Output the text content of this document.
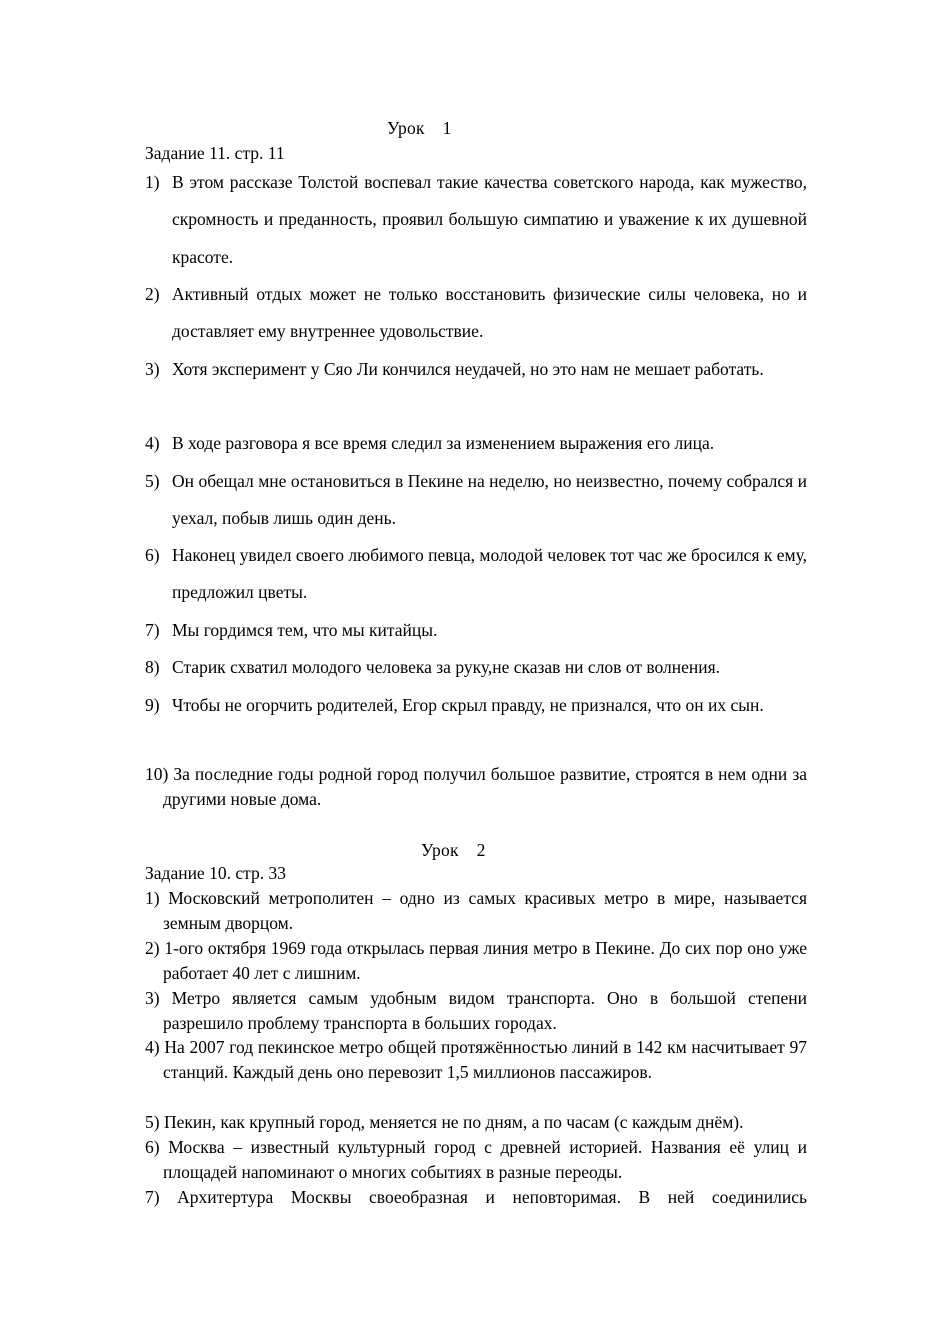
Урок 1
Задание 11. стр. 11
1) В этом рассказе Толстой воспевал такие качества советского народа, как мужество, скромность и преданность, проявил большую симпатию и уважение к их душевной красоте.
2) Активный отдых может не только восстановить физические силы человека, но и доставляет ему внутреннее удовольствие.
3) Хотя эксперимент у Сяо Ли кончился неудачей, но это нам не мешает работать.
4) В ходе разговора я все время следил за изменением выражения его лица.
5) Он обещал мне остановиться в Пекине на неделю, но неизвестно, почему собрался и уехал, побыв лишь один день.
6) Наконец увидел своего любимого певца, молодой человек тот час же бросился к ему, предложил цветы.
7) Мы гордимся тем, что мы китайцы.
8) Старик схватил молодого человека за руку,не сказав ни слов от волнения.
9) Чтобы не огорчить родителей, Егор скрыл правду, не признался, что он их сын.
10) За последние годы родной город получил большое развитие, строятся в нем одни за другими новые дома.
Урок 2
Задание 10. стр. 33
1) Московский метрополитен – одно из самых красивых метро в мире, называется земным дворцом.
2) 1-ого октября 1969 года открылась первая линия метро в Пекине. До сих пор оно уже работает 40 лет с лишним.
3) Метро является самым удобным видом транспорта. Оно в большой степени разрешило проблему транспорта в больших городах.
4) На 2007 год пекинское метро общей протяжённостью линий в 142 км насчитывает 97 станций. Каждый день оно перевозит 1,5 миллионов пассажиров.
5) Пекин, как крупный город, меняется не по дням, а по часам (с каждым днём).
6) Москва – известный культурный город с древней историей. Названия её улиц и площадей напоминают о многих событиях в разные переоды.
7) Архитертура Москвы своеобразная и неповторимая. В ней соединились
